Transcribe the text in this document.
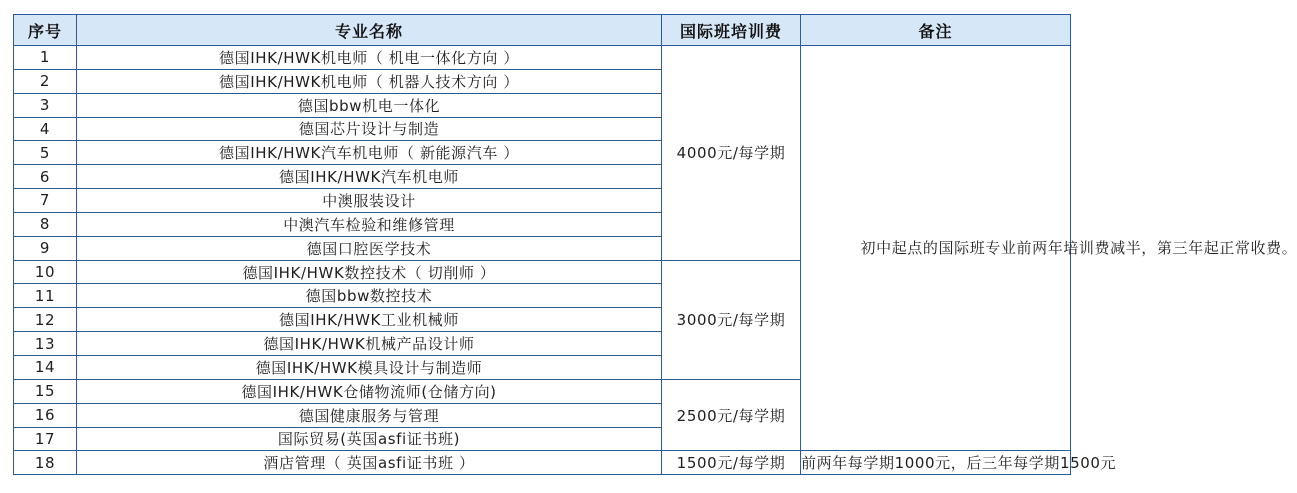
序号	专业名称	国际班培训费	备注
1	德国IHK/HWK机电师（ 机电一体化方向 ）	4000元/每学期	初中起点的国际班专业前两年培训费减半，第三年起正常收费。
2	德国IHK/HWK机电师（ 机器人技术方向 ）		
3	德国bbw机电一体化		
4	德国芯片设计与制造		
5	德国IHK/HWK汽车机电师（ 新能源汽车 ）		
6	德国IHK/HWK汽车机电师		
7	中澳服装设计		
8	中澳汽车检验和维修管理		
9	德国口腔医学技术		
10	德国IHK/HWK数控技术（ 切削师 ）	3000元/每学期	
11	德国bbw数控技术		
12	德国IHK/HWK工业机械师		
13	德国IHK/HWK机械产品设计师		
14	德国IHK/HWK模具设计与制造师		
15	德国IHK/HWK仓储物流师(仓储方向)	2500元/每学期	
16	德国健康服务与管理		
17	国际贸易(英国asfi证书班)		
18	酒店管理（ 英国asfi证书班 ）	1500元/每学期	前两年每学期1000元，后三年每学期1500元
